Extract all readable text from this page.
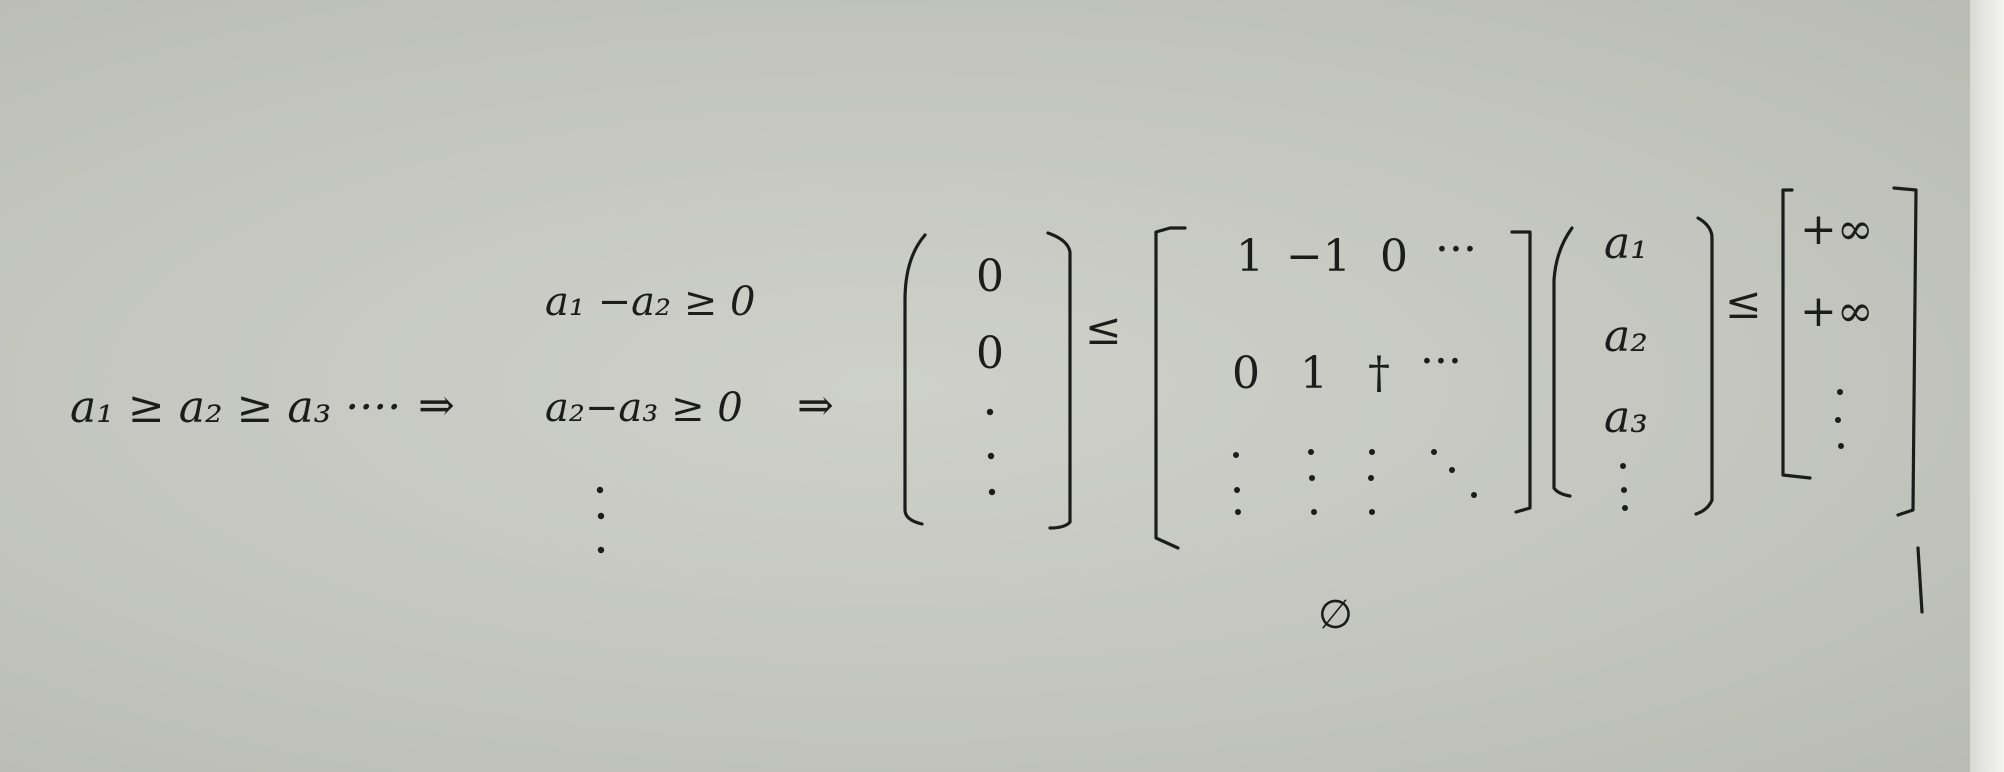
a₁ ≥ a₂ ≥ a₃ ···· ⇒
a₁ −a₂ ≥ 0
a₂−a₃ ≥ 0 ⇒
0
0 ≤
1 −1 0 ···
0 1 † ···
a₁
a₂
a₃
≤
+∞
+∞
∅
